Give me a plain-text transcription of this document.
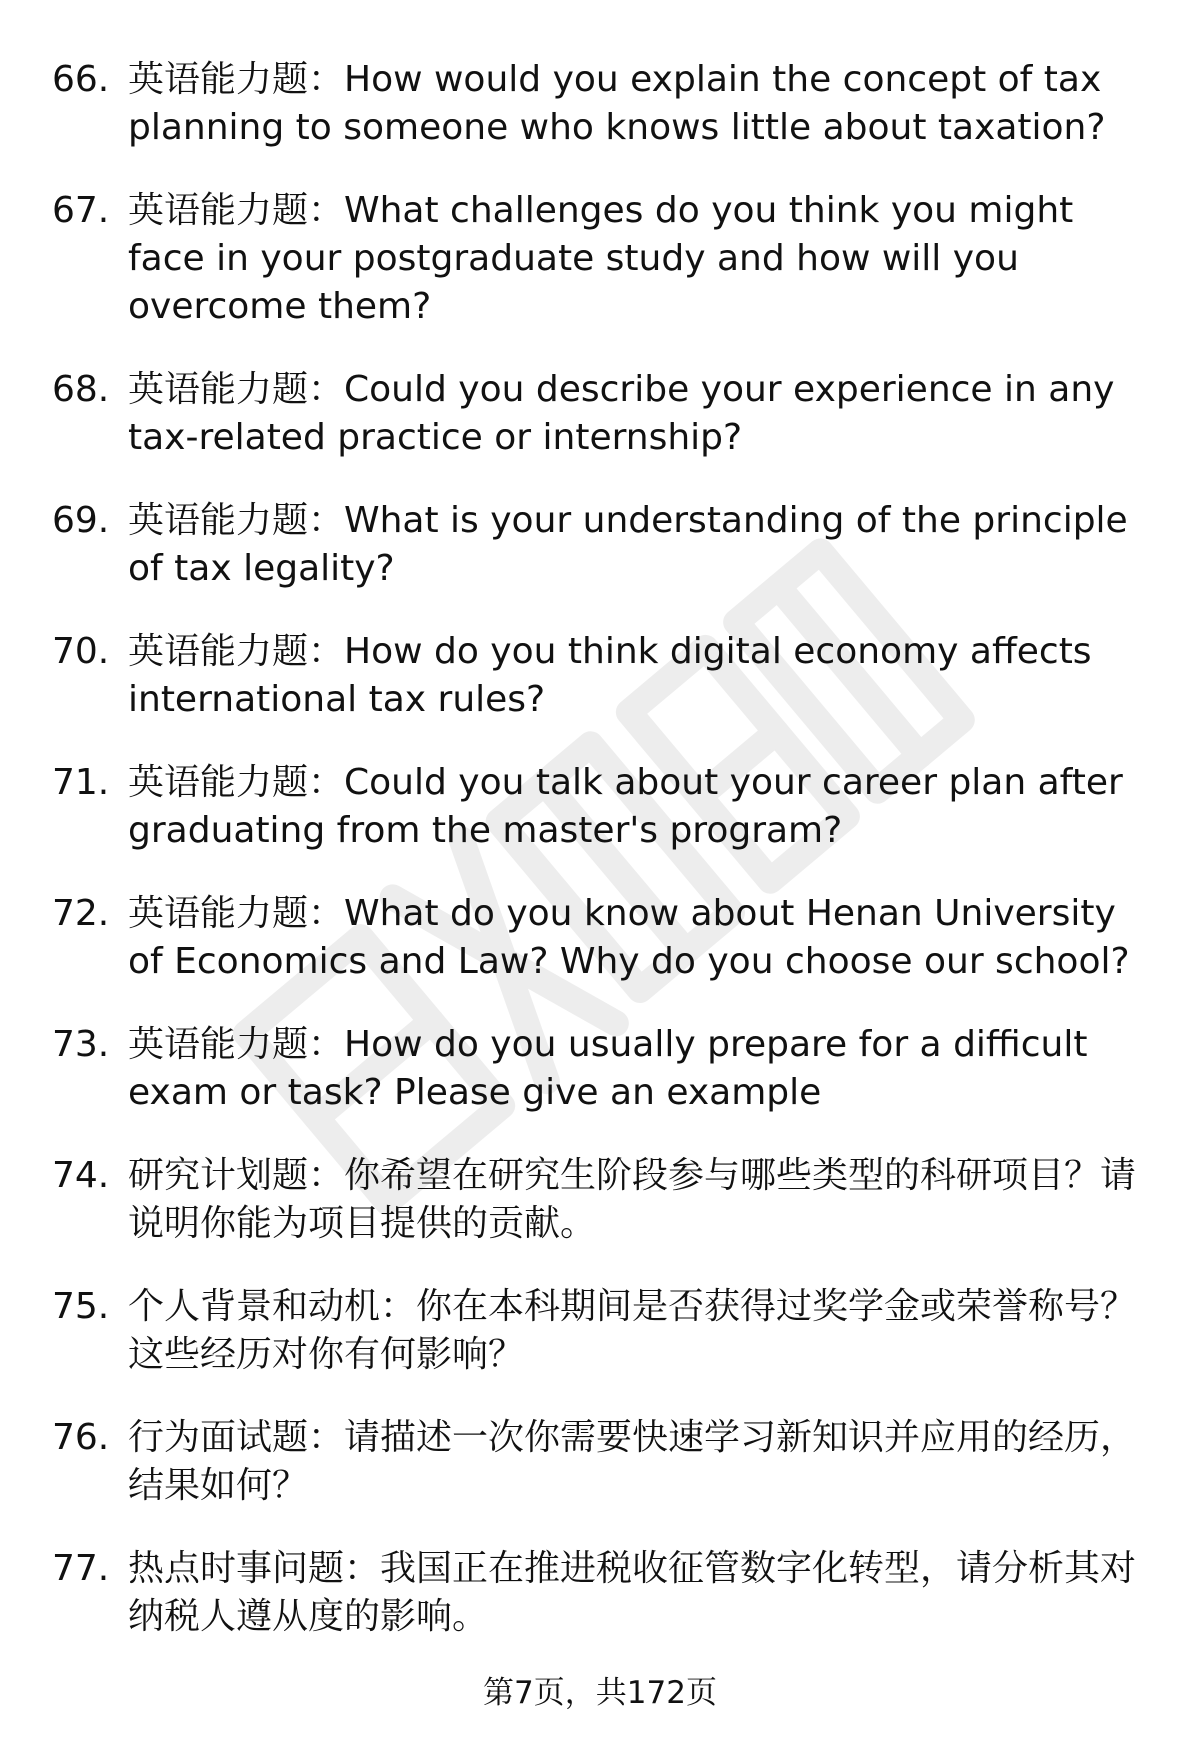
66. 英语能力题：How would you explain the concept of tax planning to someone who knows little about taxation?
67. 英语能力题：What challenges do you think you might face in your postgraduate study and how will you overcome them?
68. 英语能力题：Could you describe your experience in any tax-related practice or internship?
69. 英语能力题：What is your understanding of the principle of tax legality?
70. 英语能力题：How do you think digital economy affects international tax rules?
71. 英语能力题：Could you talk about your career plan after graduating from the master's program?
72. 英语能力题：What do you know about Henan University of Economics and Law? Why do you choose our school?
73. 英语能力题：How do you usually prepare for a difficult exam or task? Please give an example
74. 研究计划题：你希望在研究生阶段参与哪些类型的科研项目？请说明你能为项目提供的贡献。
75. 个人背景和动机：你在本科期间是否获得过奖学金或荣誉称号？这些经历对你有何影响？
76. 行为面试题：请描述一次你需要快速学习新知识并应用的经历，结果如何？
77. 热点时事问题：我国正在推进税收征管数字化转型，请分析其对纳税人遵从度的影响。
第7页，共172页
